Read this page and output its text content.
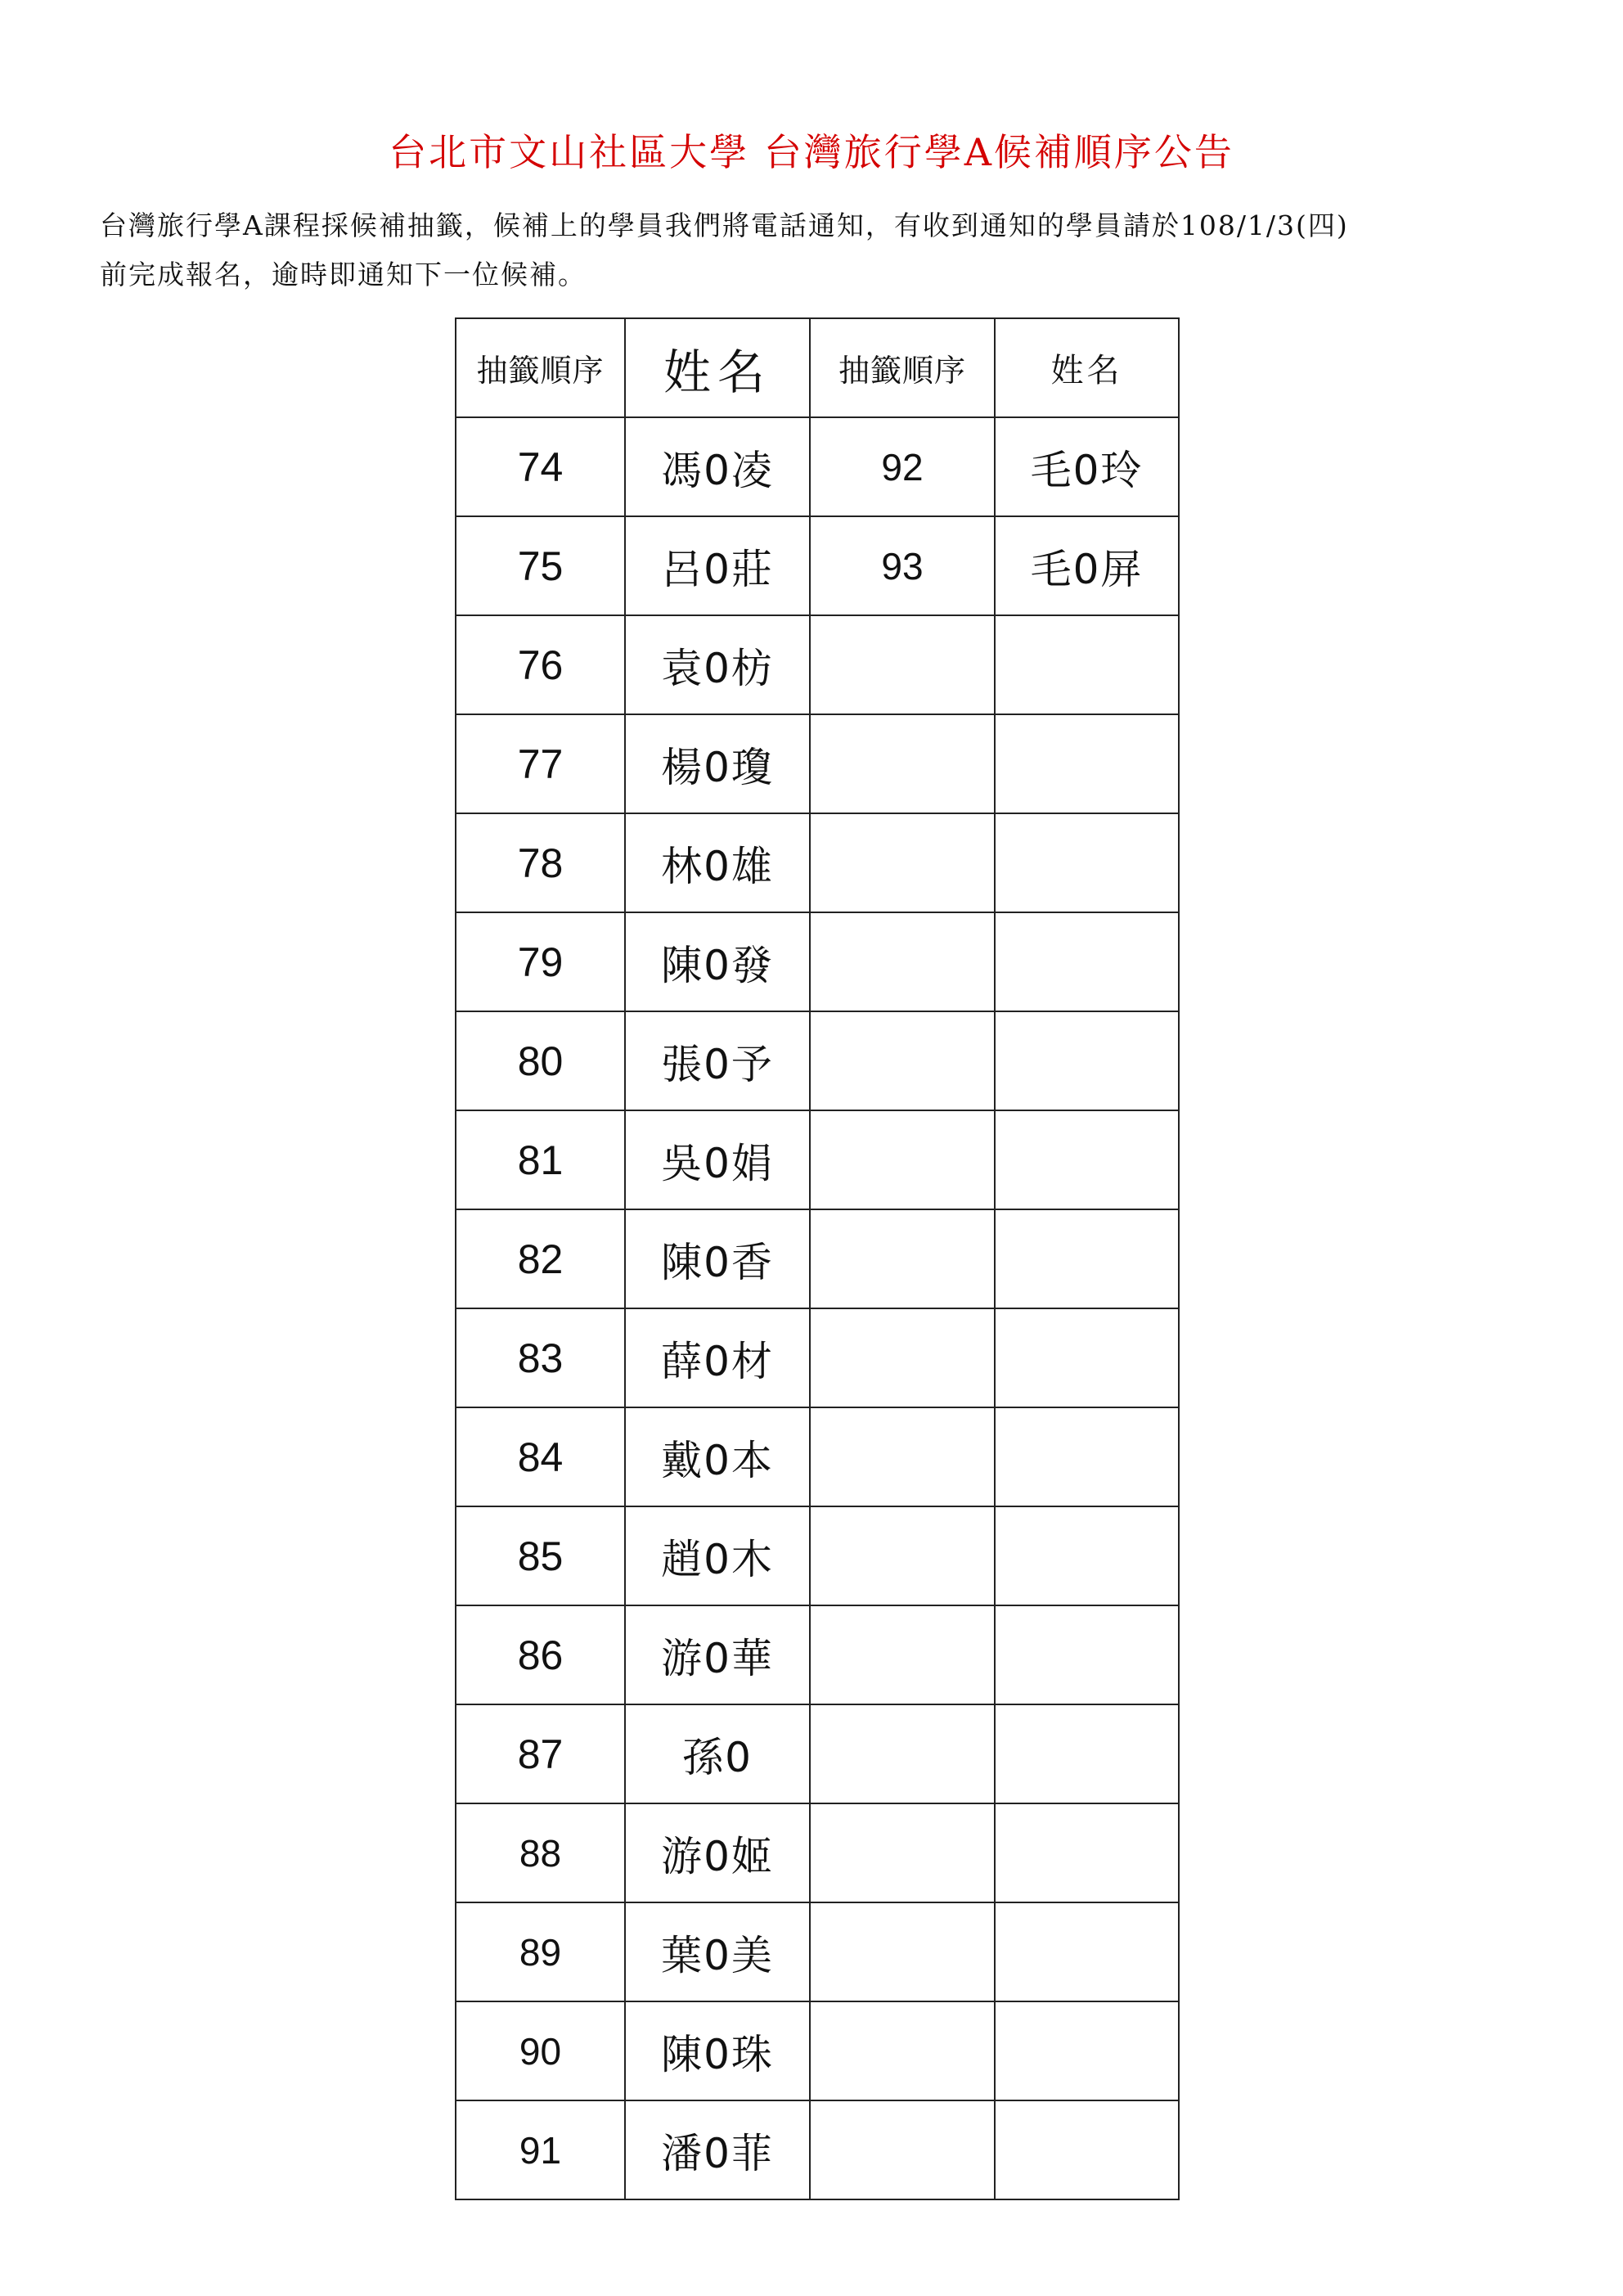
台北市文山社區大學 台灣旅行學A候補順序公告
台灣旅行學A課程採候補抽籤，候補上的學員我們將電話通知，有收到通知的學員請於108/1/3(四)
前完成報名，逾時即通知下一位候補。
抽籤順序	姓名	抽籤順序	姓名
74	馮0凌	92	毛0玲
75	呂0莊	93	毛0屏
76	袁0枋		
77	楊0瓊		
78	林0雄		
79	陳0發		
80	張0予		
81	吳0娟		
82	陳0香		
83	薛0材		
84	戴0本		
85	趙0木		
86	游0華		
87	孫0		
88	游0姬		
89	葉0美		
90	陳0珠		
91	潘0菲		
